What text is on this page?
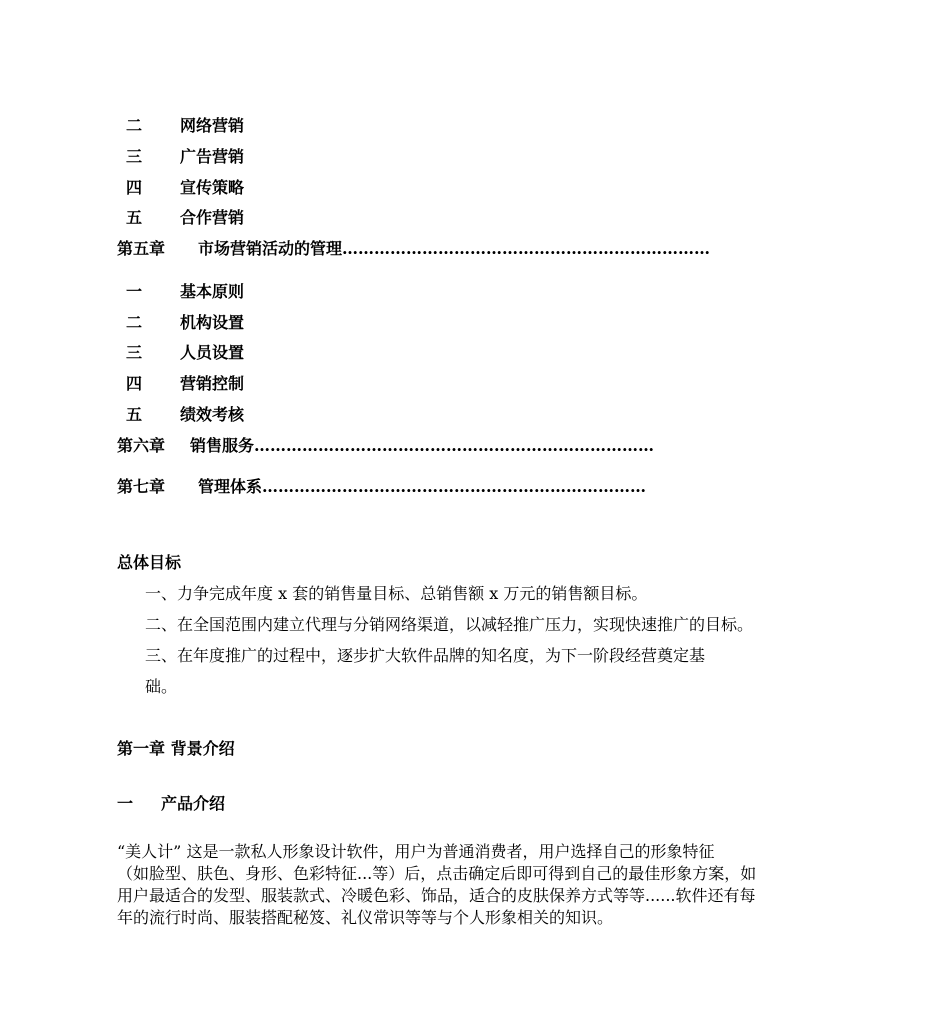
二	网络营销
三	广告营销
四	宣传策略
五	合作营销
第五章 市场营销活动的管理……………………………………………………………
一	基本原则
二	机构设置
三	人员设置
四	营销控制
五	绩效考核
第六章 销售服务…………………………………………………………………
第七章 管理体系………………………………………………………………
总体目标
一、力争完成年度 x 套的销售量目标、总销售额 x 万元的销售额目标。
二、在全国范围内建立代理与分销网络渠道，以减轻推广压力，实现快速推广的目标。
三、在年度推广的过程中，逐步扩大软件品牌的知名度，为下一阶段经营奠定基
础。
第一章 背景介绍
一 产品介绍
“美人计” 这是一款私人形象设计软件，用户为普通消费者，用户选择自己的形象特征
（如脸型、肤色、身形、色彩特征...等）后，点击确定后即可得到自己的最佳形象方案，如
用户最适合的发型、服装款式、冷暖色彩、饰品，适合的皮肤保养方式等等......软件还有每
年的流行时尚、服装搭配秘笈、礼仪常识等等与个人形象相关的知识。
